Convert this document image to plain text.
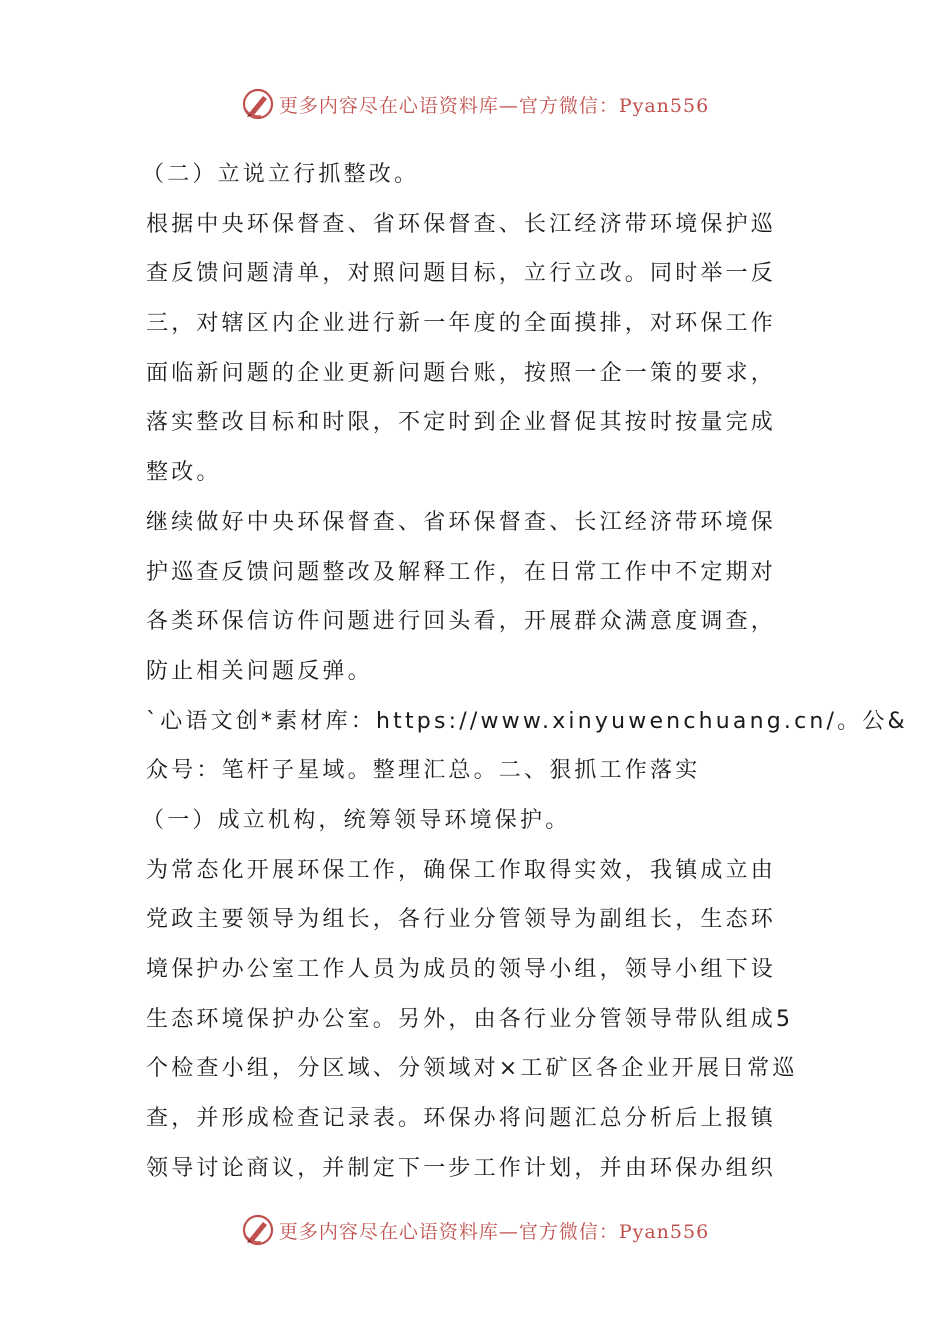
更多内容尽在心语资料库—官方微信：Pyan556
（二）立说立行抓整改。
根据中央环保督查、省环保督查、长江经济带环境保护巡
查反馈问题清单，对照问题目标，立行立改。同时举一反
三，对辖区内企业进行新一年度的全面摸排，对环保工作
面临新问题的企业更新问题台账，按照一企一策的要求，
落实整改目标和时限，不定时到企业督促其按时按量完成
整改。
继续做好中央环保督查、省环保督查、长江经济带环境保
护巡查反馈问题整改及解释工作，在日常工作中不定期对
各类环保信访件问题进行回头看，开展群众满意度调查，
防止相关问题反弹。
`心语文创*素材库：https://www.xinyuwenchuang.cn/。公&
众号：笔杆子星域。整理汇总。二、狠抓工作落实
（一）成立机构，统筹领导环境保护。
为常态化开展环保工作，确保工作取得实效，我镇成立由
党政主要领导为组长，各行业分管领导为副组长，生态环
境保护办公室工作人员为成员的领导小组，领导小组下设
生态环境保护办公室。另外，由各行业分管领导带队组成5
个检查小组，分区域、分领域对×工矿区各企业开展日常巡
查，并形成检查记录表。环保办将问题汇总分析后上报镇
领导讨论商议，并制定下一步工作计划，并由环保办组织
更多内容尽在心语资料库—官方微信：Pyan556
